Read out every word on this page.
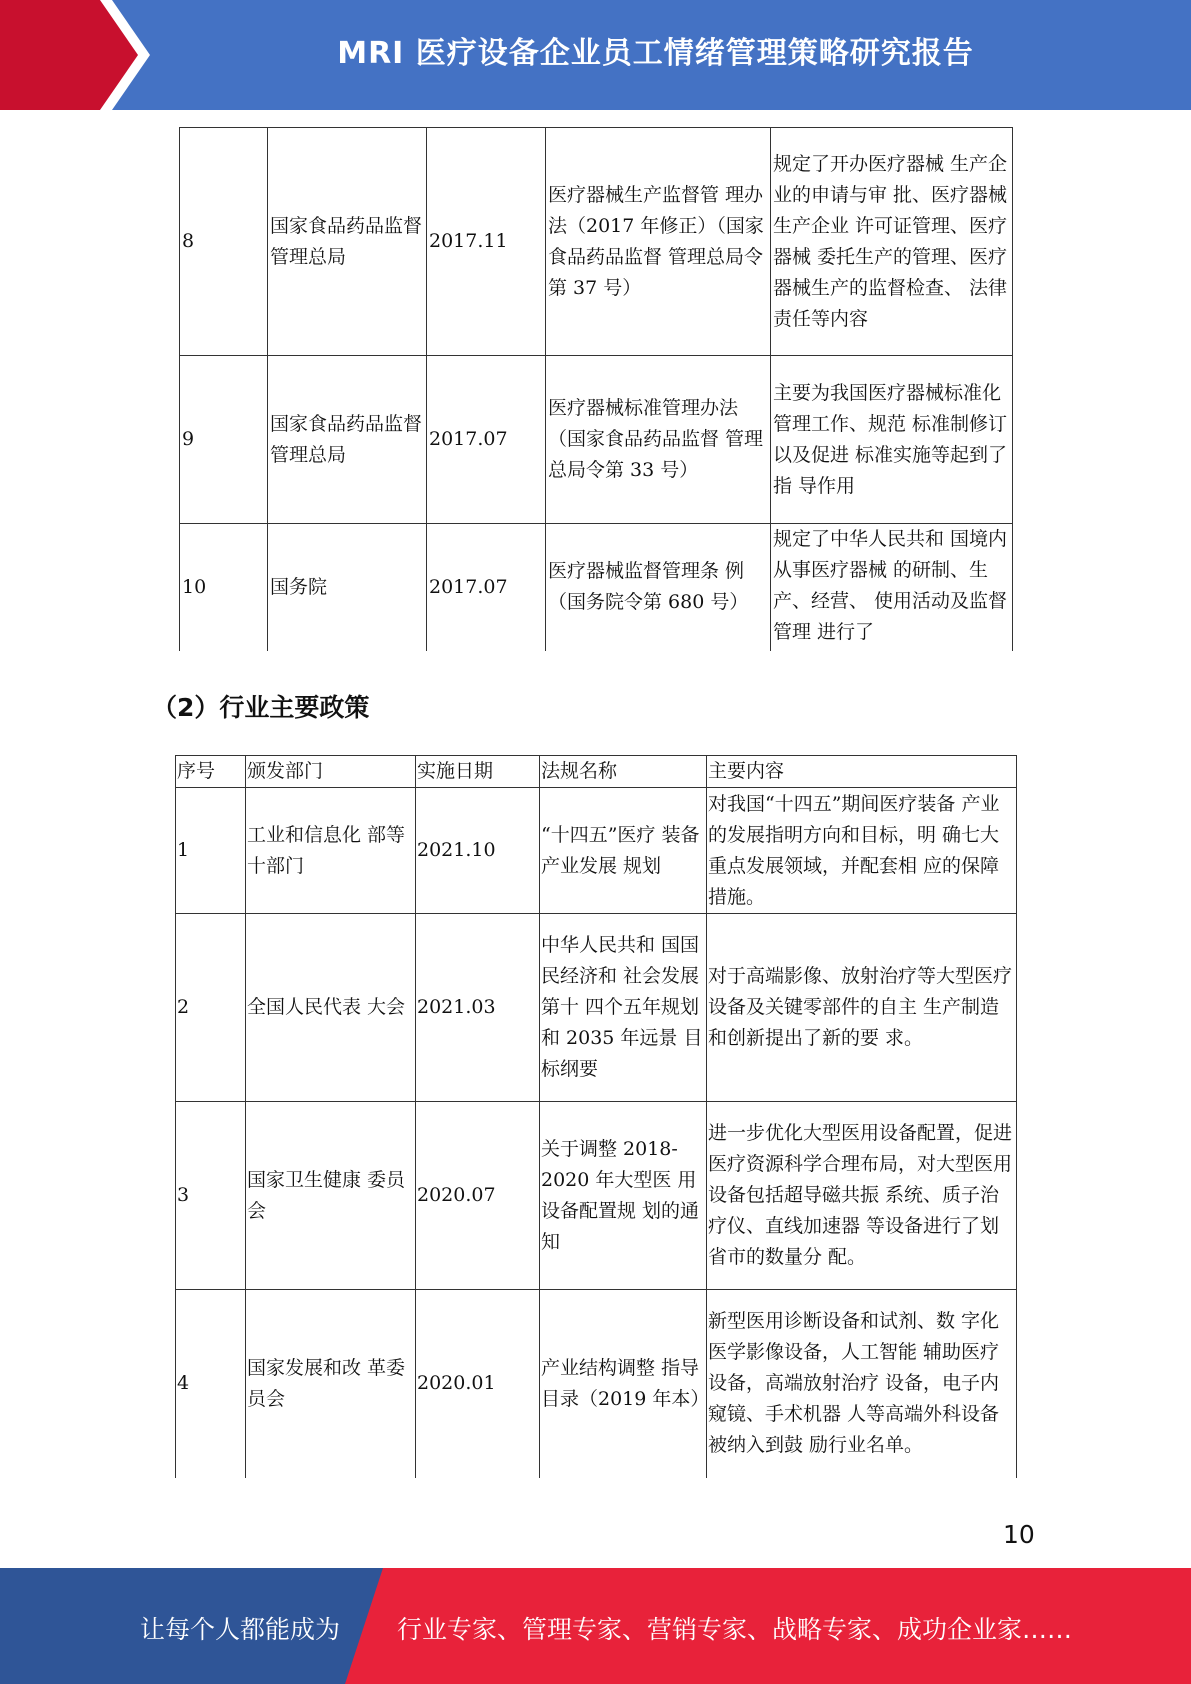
MRI 医疗设备企业员工情绪管理策略研究报告
8	国家食品药品监督管理总局	2017.11	医疗器械生产监督管 理办法（2017 年修正）（国家食品药品监督 管理总局令第 37 号）	规定了开办医疗器械 生产企业的申请与审 批、医疗器械生产企业 许可证管理、医疗器械 委托生产的管理、医疗 器械生产的监督检查、 法律责任等内容
9	国家食品药品监督管理总局	2017.07	医疗器械标准管理办法（国家食品药品监督 管理总局令第 33 号）	主要为我国医疗器械标准化管理工作、规范 标准制修订以及促进 标准实施等起到了指 导作用
10	国务院	2017.07	医疗器械监督管理条 例（国务院令第 680 号）	规定了中华人民共和 国境内从事医疗器械 的研制、生产、经营、 使用活动及监督管理 进行了
（2）行业主要政策
序号	颁发部门	实施日期	法规名称	主要内容
1	工业和信息化 部等十部门	2021.10	“十四五”医疗 装备产业发展 规划	对我国“十四五”期间医疗装备 产业的发展指明方向和目标，明 确七大重点发展领域，并配套相 应的保障措施。
2	全国人民代表 大会	2021.03	中华人民共和 国国民经济和 社会发展第十 四个五年规划 和 2035 年远景 目标纲要	对于高端影像、放射治疗等大型医疗设备及关键零部件的自主 生产制造和创新提出了新的要 求。
3	国家卫生健康 委员会	2020.07	关于调整 2018-2020 年大型医 用设备配置规 划的通知	进一步优化大型医用设备配置，促进医疗资源科学合理布局，对大型医用设备包括超导磁共振 系统、质子治疗仪、直线加速器 等设备进行了划省市的数量分 配。
4	国家发展和改 革委员会	2020.01	产业结构调整 指导目录（2019 年本）	新型医用诊断设备和试剂、数 字化医学影像设备，人工智能 辅助医疗设备，高端放射治疗 设备，电子内窥镜、手术机器 人等高端外科设备被纳入到鼓 励行业名单。
10
让每个人都能成为 行业专家、管理专家、营销专家、战略专家、成功企业家……
